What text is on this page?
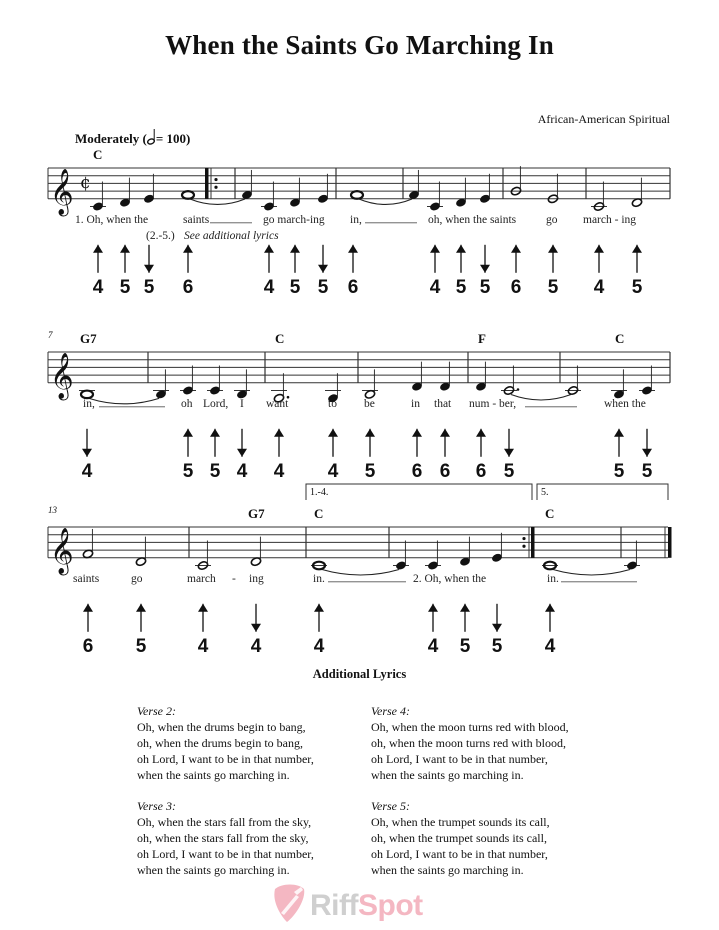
When the Saints Go Marching In
African-American Spiritual
Moderately ( = 100)
𝄞 ¢
C
1. Oh, when the	saints	go march-ing in,	oh, when the saints	go march - ing
(2.-5.) See additional lyrics
4 5 5 6	4 5 5 6	4 5 5 6 5 4 5
𝄞
7 G7	C	F	C
in,	oh Lord, I want	to be	in that num - ber,	when the
4	5 5 4 4 4 5 6 6 6 5	5 5
𝄞
13	G7	C	C
1.-4.	5.
saints	go	march - ing	in.	2. Oh, when the	in.
6 5	4 4	4	4 5 5 4
Additional Lyrics
Verse 2:
Oh, when the drums begin to bang,
oh, when the drums begin to bang,
oh Lord, I want to be in that number,
when the saints go marching in.
Verse 3:
Oh, when the stars fall from the sky,
oh, when the stars fall from the sky,
oh Lord, I want to be in that number,
when the saints go marching in.
Verse 4:
Oh, when the moon turns red with blood,
oh, when the moon turns red with blood,
oh Lord, I want to be in that number,
when the saints go marching in.
Verse 5:
Oh, when the trumpet sounds its call,
oh, when the trumpet sounds its call,
oh Lord, I want to be in that number,
when the saints go marching in.
RiffSpot
